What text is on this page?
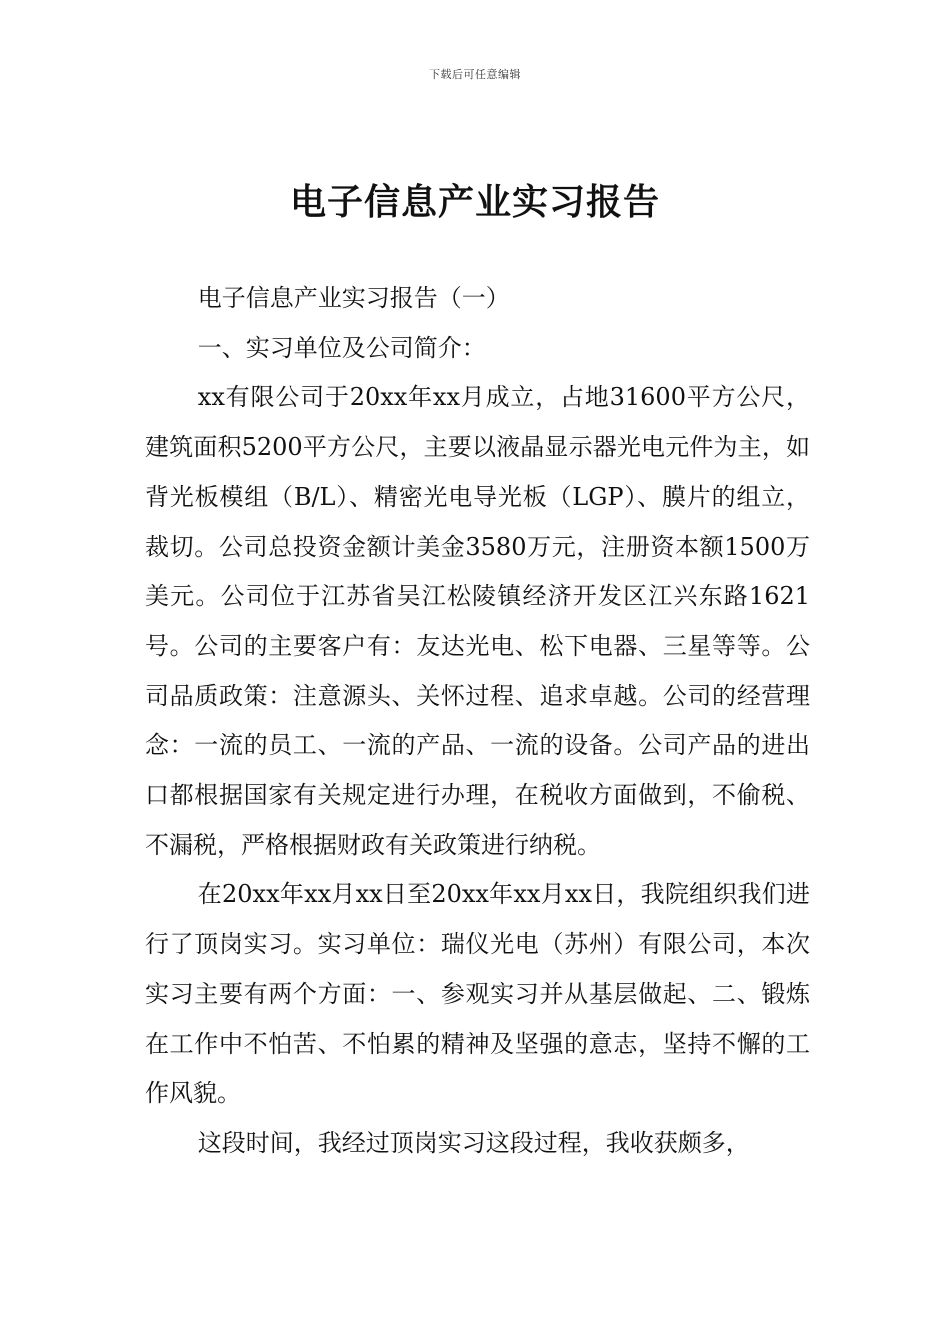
下载后可任意编辑
电子信息产业实习报告

电子信息产业实习报告（一）

一、实习单位及公司简介：

xx有限公司于20xx年xx月成立，占地31600平方公尺，建筑面积5200平方公尺，主要以液晶显示器光电元件为主，如背光板模组（B/L）、精密光电导光板（LGP）、膜片的组立，裁切。公司总投资金额计美金3580万元，注册资本额1500万美元。公司位于江苏省吴江松陵镇经济开发区江兴东路1621号。公司的主要客户有：友达光电、松下电器、三星等等。公司品质政策：注意源头、关怀过程、追求卓越。公司的经营理念：一流的员工、一流的产品、一流的设备。公司产品的进出口都根据国家有关规定进行办理，在税收方面做到，不偷税、不漏税，严格根据财政有关政策进行纳税。

在20xx年xx月xx日至20xx年xx月xx日，我院组织我们进行了顶岗实习。实习单位：瑞仪光电（苏州）有限公司，本次实习主要有两个方面：一、参观实习并从基层做起、二、锻炼在工作中不怕苦、不怕累的精神及坚强的意志，坚持不懈的工作风貌。

这段时间，我经过顶岗实习这段过程，我收获颇多，
